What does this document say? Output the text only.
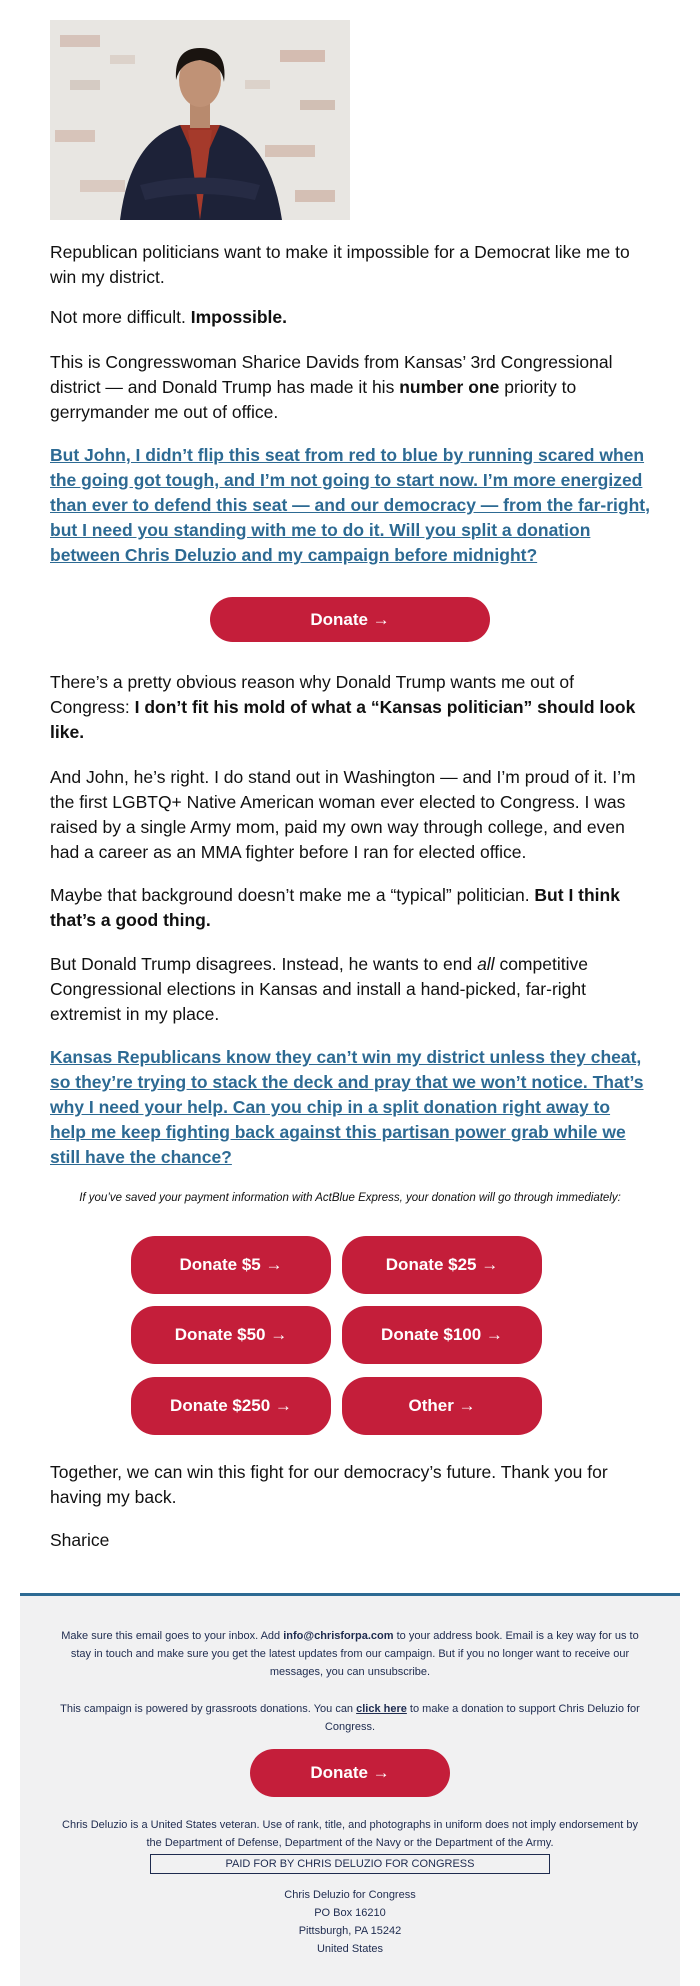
Republican politicians want to make it impossible for a Democrat like me to win my district.

Not more difficult. Impossible.

This is Congresswoman Sharice Davids from Kansas’ 3rd Congressional district — and Donald Trump has made it his number one priority to gerrymander me out of office.

But John, I didn’t flip this seat from red to blue by running scared when the going got tough, and I’m not going to start now. I’m more energized than ever to defend this seat — and our democracy — from the far-right, but I need you standing with me to do it. Will you split a donation between Chris Deluzio and my campaign before midnight?

Donate →

There’s a pretty obvious reason why Donald Trump wants me out of Congress: I don’t fit his mold of what a “Kansas politician” should look like.

And John, he’s right. I do stand out in Washington — and I’m proud of it. I’m the first LGBTQ+ Native American woman ever elected to Congress. I was raised by a single Army mom, paid my own way through college, and even had a career as an MMA fighter before I ran for elected office.

Maybe that background doesn’t make me a “typical” politician. But I think that’s a good thing.

But Donald Trump disagrees. Instead, he wants to end all competitive Congressional elections in Kansas and install a hand-picked, far-right extremist in my place.

Kansas Republicans know they can’t win my district unless they cheat, so they’re trying to stack the deck and pray that we won’t notice. That’s why I need your help. Can you chip in a split donation right away to help me keep fighting back against this partisan power grab while we still have the chance?

If you’ve saved your payment information with ActBlue Express, your donation will go through immediately:
Donate $5 →	Donate $25 →
Donate $50 →	Donate $100 →
Donate $250 →	Other →

Together, we can win this fight for our democracy’s future. Thank you for having my back.

Sharice

Make sure this email goes to your inbox. Add info@chrisforpa.com to your address book. Email is a key way for us to stay in touch and make sure you get the latest updates from our campaign. But if you no longer want to receive our messages, you can unsubscribe.

This campaign is powered by grassroots donations. You can click here to make a donation to support Chris Deluzio for Congress.

Donate →

Chris Deluzio is a United States veteran. Use of rank, title, and photographs in uniform does not imply endorsement by the Department of Defense, Department of the Navy or the Department of the Army.

PAID FOR BY CHRIS DELUZIO FOR CONGRESS

Chris Deluzio for Congress
PO Box 16210
Pittsburgh, PA 15242
United States
